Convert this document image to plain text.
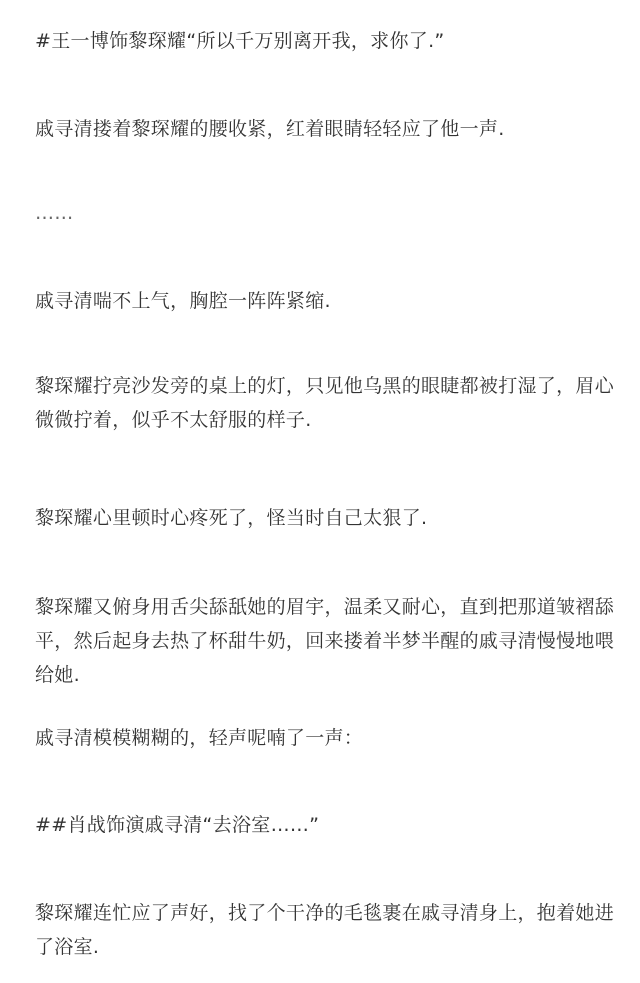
#王一博饰黎琛耀“所以千万别离开我，求你了.”

戚寻清搂着黎琛耀的腰收紧，红着眼睛轻轻应了他一声.

……

戚寻清喘不上气，胸腔一阵阵紧缩.

黎琛耀拧亮沙发旁的桌上的灯，只见他乌黑的眼睫都被打湿了，眉心微微拧着，似乎不太舒服的样子.

黎琛耀心里顿时心疼死了，怪当时自己太狠了.

黎琛耀又俯身用舌尖舔舐她的眉宇，温柔又耐心，直到把那道皱褶舔平，然后起身去热了杯甜牛奶，回来搂着半梦半醒的戚寻清慢慢地喂给她.

戚寻清模模糊糊的，轻声呢喃了一声：

##肖战饰演戚寻清“去浴室……”

黎琛耀连忙应了声好，找了个干净的毛毯裹在戚寻清身上，抱着她进了浴室.
